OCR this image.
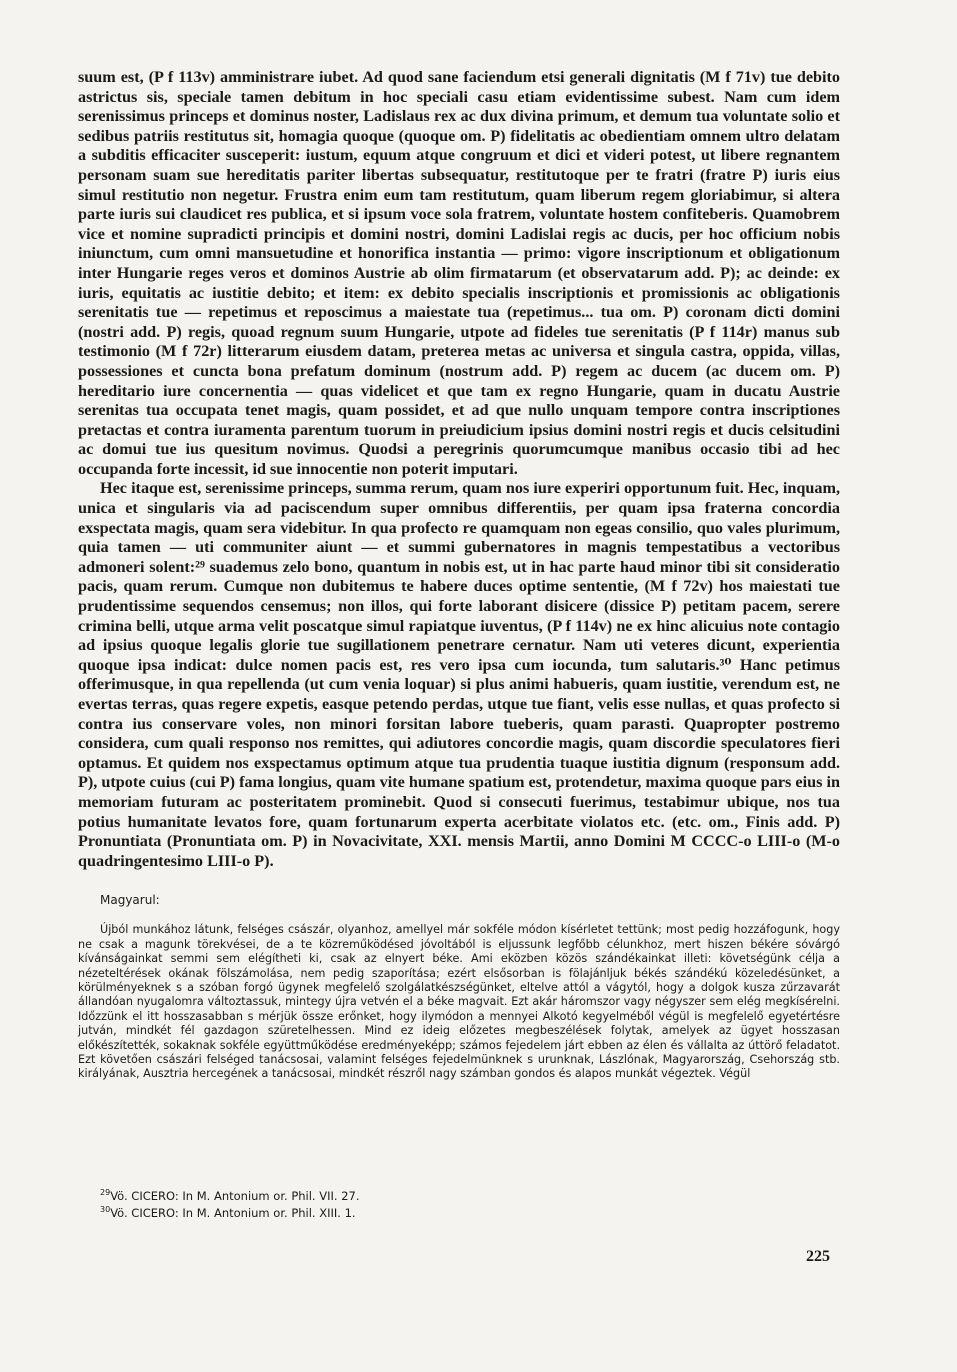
suum est, (P f 113v) amministrare iubet. Ad quod sane faciendum etsi generali dignitatis (M f 71v) tue debito astrictus sis, speciale tamen debitum in hoc speciali casu etiam evidentissime subest. Nam cum idem serenissimus princeps et dominus noster, Ladislaus rex ac dux divina primum, et demum tua voluntate solio et sedibus patriis restitutus sit, homagia quoque (quoque om. P) fidelitatis ac obedientiam omnem ultro delatam a subditis efficaciter susceperit: iustum, equum atque congruum et dici et videri potest, ut libere regnantem personam suam sue hereditatis pariter libertas subsequatur, restitutoque per te fratri (fratre P) iuris eius simul restitutio non negetur. Frustra enim eum tam restitutum, quam liberum regem gloriabimur, si altera parte iuris sui claudicet res publica, et si ipsum voce sola fratrem, voluntate hostem confiteberis. Quamobrem vice et nomine supradicti principis et domini nostri, domini Ladislai regis ac ducis, per hoc officium nobis iniunctum, cum omni mansuetudine et honorifica instantia — primo: vigore inscriptionum et obligationum inter Hungarie reges veros et dominos Austrie ab olim firmatarum (et observatarum add. P); ac deinde: ex iuris, equitatis ac iustitie debito; et item: ex debito specialis inscriptionis et promissionis ac obligationis serenitatis tue — repetimus et reposcimus a maiestate tua (repetimus... tua om. P) coronam dicti domini (nostri add. P) regis, quoad regnum suum Hungarie, utpote ad fideles tue serenitatis (P f 114r) manus sub testimonio (M f 72r) litterarum eiusdem datam, preterea metas ac universa et singula castra, oppida, villas, possessiones et cuncta bona prefatum dominum (nostrum add. P) regem ac ducem (ac ducem om. P) hereditario iure concernentia — quas videlicet et que tam ex regno Hungarie, quam in ducatu Austrie serenitas tua occupata tenet magis, quam possidet, et ad que nullo unquam tempore contra inscriptiones pretactas et contra iuramenta parentum tuorum in preiudicium ipsius domini nostri regis et ducis celsitudini ac domui tue ius quesitum novimus. Quodsi a peregrinis quorumcumque manibus occasio tibi ad hec occupanda forte incessit, id sue innocentie non poterit imputari.

Hec itaque est, serenissime princeps, summa rerum, quam nos iure experiri opportunum fuit. Hec, inquam, unica et singularis via ad paciscendum super omnibus differentiis, per quam ipsa fraterna concordia exspectata magis, quam sera videbitur. In qua profecto re quamquam non egeas consilio, quo vales plurimum, quia tamen — uti communiter aiunt — et summi gubernatores in magnis tempestatibus a vectoribus admoneri solent:²⁹ suademus zelo bono, quantum in nobis est, ut in hac parte haud minor tibi sit consideratio pacis, quam rerum. Cumque non dubitemus te habere duces optime sententie, (M f 72v) hos maiestati tue prudentissime sequendos censemus; non illos, qui forte laborant disicere (dissice P) petitam pacem, serere crimina belli, utque arma velit poscatque simul rapiatque iuventus, (P f 114v) ne ex hinc alicuius note contagio ad ipsius quoque legalis glorie tue sugillationem penetrare cernatur. Nam uti veteres dicunt, experientia quoque ipsa indicat: dulce nomen pacis est, res vero ipsa cum iocunda, tum salutaris.³⁰ Hanc petimus offerimusque, in qua repellenda (ut cum venia loquar) si plus animi habueris, quam iustitie, verendum est, ne evertas terras, quas regere expetis, easque petendo perdas, utque tue fiant, velis esse nullas, et quas profecto si contra ius conservare voles, non minori forsitan labore tueberis, quam parasti. Quapropter postremo considera, cum quali responso nos remittes, qui adiutores concordie magis, quam discordie speculatores fieri optamus. Et quidem nos exspectamus optimum atque tua prudentia tuaque iustitia dignum (responsum add. P), utpote cuius (cui P) fama longius, quam vite humane spatium est, protendetur, maxima quoque pars eius in memoriam futuram ac posteritatem prominebit. Quod si consecuti fuerimus, testabimur ubique, nos tua potius humanitate levatos fore, quam fortunarum experta acerbitate violatos etc. (etc. om., Finis add. P) Pronuntiata (Pronuntiata om. P) in Novacivitate, XXI. mensis Martii, anno Domini M CCCC-o LIII-o (M-o quadringentesimo LIII-o P).

Magyarul:
Újból munkához látunk, felséges császár, olyanhoz, amellyel már sokféle módon kísérletet tettünk; most pedig hozzáfogunk, hogy ne csak a magunk törekvései, de a te közreműködésed jóvoltából is eljussunk legfőbb célunkhoz, mert hiszen békére sóvárgó kívánságainkat semmi sem elégítheti ki, csak az elnyert béke. Ami eközben közös szándékainkat illeti: követségünk célja a nézeteltérések okának fölszámolása, nem pedig szaporítása; ezért elsősorban is fölajánljuk békés szándékú közeledésünket, a körülményeknek s a szóban forgó ügynek megfelelő szolgálatkészségünket, eltelve attól a vágytól, hogy a dolgok kusza zűrzavarát állandóan nyugalomra változtassuk, mintegy újra vetvén el a béke magvait. Ezt akár háromszor vagy négyszer sem elég megkísérelni. Időzzünk el itt hosszasabban s mérjük össze erőnket, hogy ilymódon a mennyei Alkotó kegyelméből végül is megfelelő egyetértésre jutván, mindkét fél gazdagon szüretelhessen. Mind ez ideig előzetes megbeszélések folytak, amelyek az ügyet hosszasan előkészítették, sokaknak sokféle együttműködése eredményeképp; számos fejedelem járt ebben az élen és vállalta az úttörő feladatot. Ezt követően császári felséged tanácsosai, valamint felséges fejedelmünknek s urunknak, Lászlónak, Magyarország, Csehország stb. királyának, Ausztria hercegének a tanácsosai, mindkét részről nagy számban gondos és alapos munkát végeztek. Végül
$^{29}$Vö. CICERO: In M. Antonium or. Phil. VII. 27.
$^{30}$Vö. CICERO: In M. Antonium or. Phil. XIII. 1.
225
